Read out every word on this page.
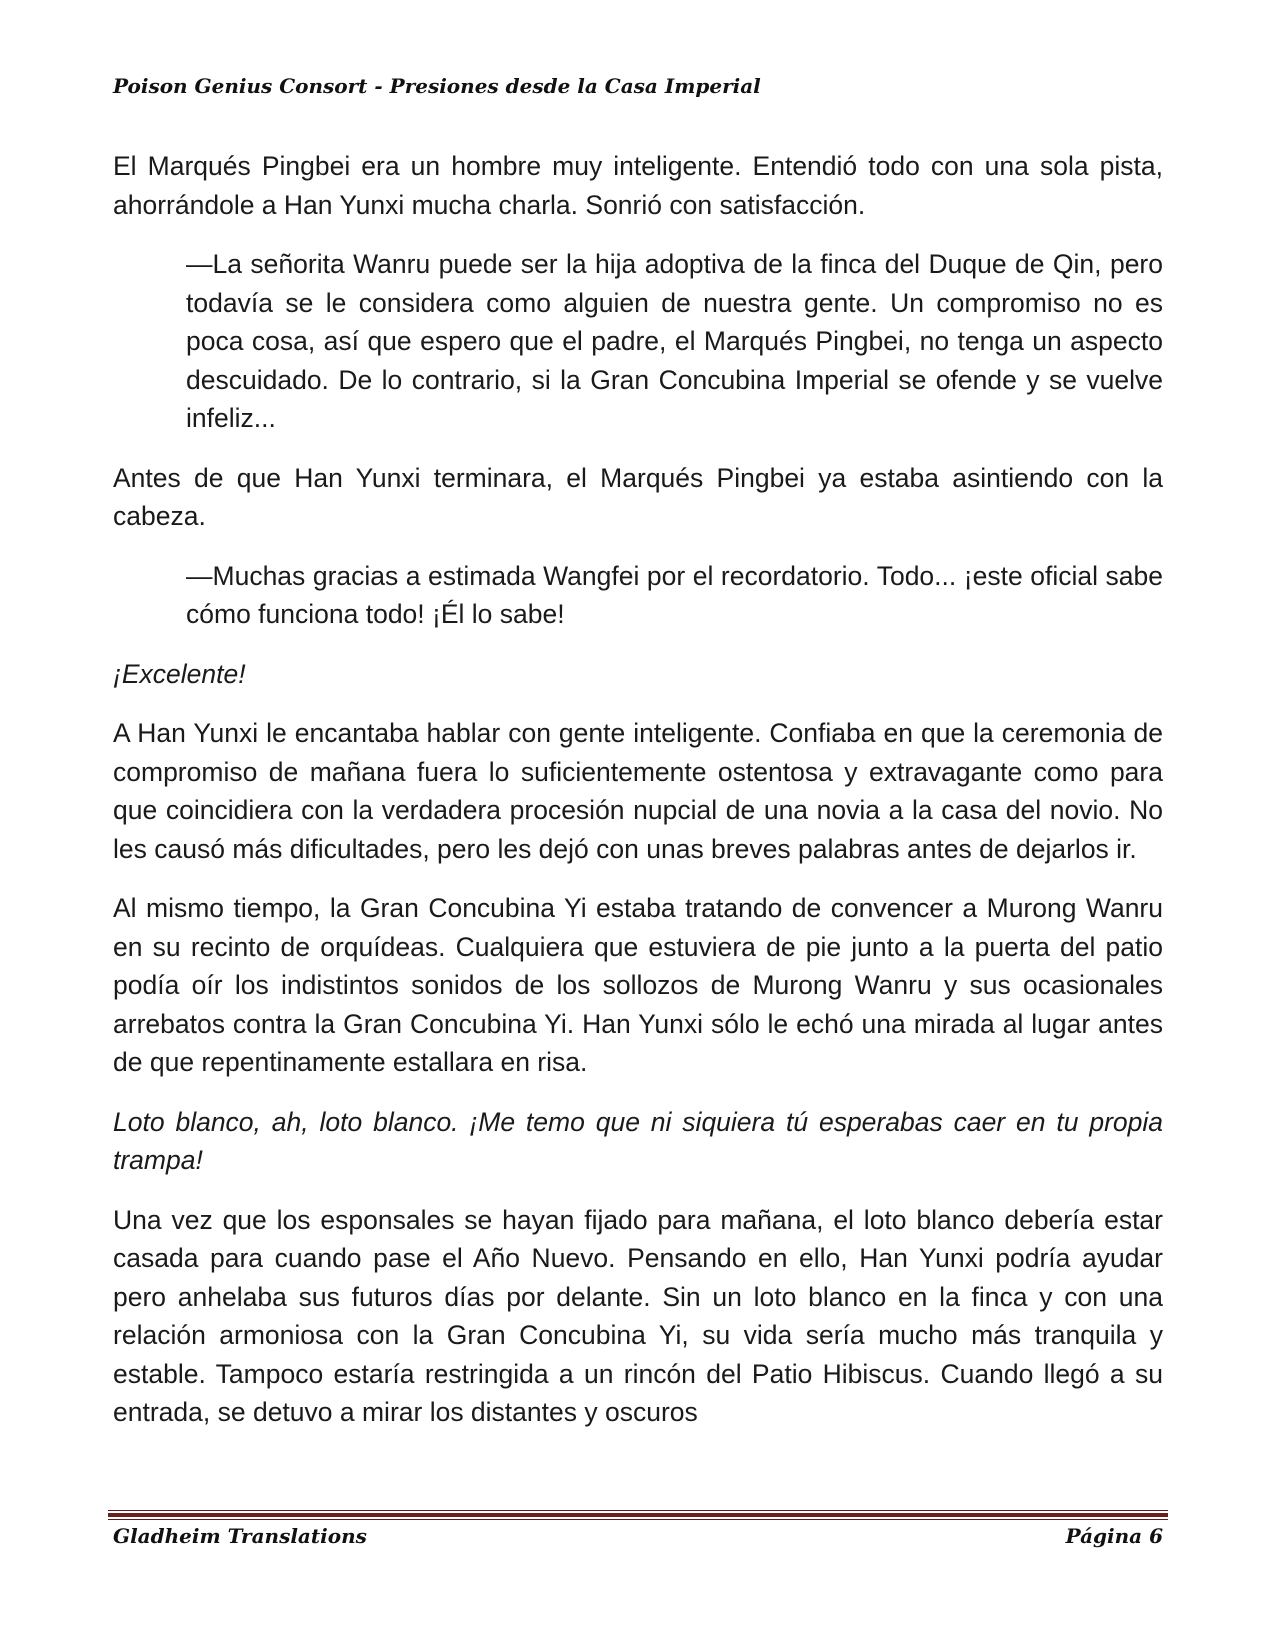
Poison Genius Consort - Presiones desde la Casa Imperial

El Marqués Pingbei era un hombre muy inteligente. Entendió todo con una sola pista, ahorrándole a Han Yunxi mucha charla. Sonrió con satisfacción.

—La señorita Wanru puede ser la hija adoptiva de la finca del Duque de Qin, pero todavía se le considera como alguien de nuestra gente. Un compromiso no es poca cosa, así que espero que el padre, el Marqués Pingbei, no tenga un aspecto descuidado. De lo contrario, si la Gran Concubina Imperial se ofende y se vuelve infeliz...

Antes de que Han Yunxi terminara, el Marqués Pingbei ya estaba asintiendo con la cabeza.

—Muchas gracias a estimada Wangfei por el recordatorio. Todo... ¡este oficial sabe cómo funciona todo! ¡Él lo sabe!

¡Excelente!

A Han Yunxi le encantaba hablar con gente inteligente. Confiaba en que la ceremonia de compromiso de mañana fuera lo suficientemente ostentosa y extravagante como para que coincidiera con la verdadera procesión nupcial de una novia a la casa del novio. No les causó más dificultades, pero les dejó con unas breves palabras antes de dejarlos ir.

Al mismo tiempo, la Gran Concubina Yi estaba tratando de convencer a Murong Wanru en su recinto de orquídeas. Cualquiera que estuviera de pie junto a la puerta del patio podía oír los indistintos sonidos de los sollozos de Murong Wanru y sus ocasionales arrebatos contra la Gran Concubina Yi. Han Yunxi sólo le echó una mirada al lugar antes de que repentinamente estallara en risa.

Loto blanco, ah, loto blanco. ¡Me temo que ni siquiera tú esperabas caer en tu propia trampa!

Una vez que los esponsales se hayan fijado para mañana, el loto blanco debería estar casada para cuando pase el Año Nuevo. Pensando en ello, Han Yunxi podría ayudar pero anhelaba sus futuros días por delante. Sin un loto blanco en la finca y con una relación armoniosa con la Gran Concubina Yi, su vida sería mucho más tranquila y estable. Tampoco estaría restringida a un rincón del Patio Hibiscus. Cuando llegó a su entrada, se detuvo a mirar los distantes y oscuros

Gladheim Translations	Página 6
